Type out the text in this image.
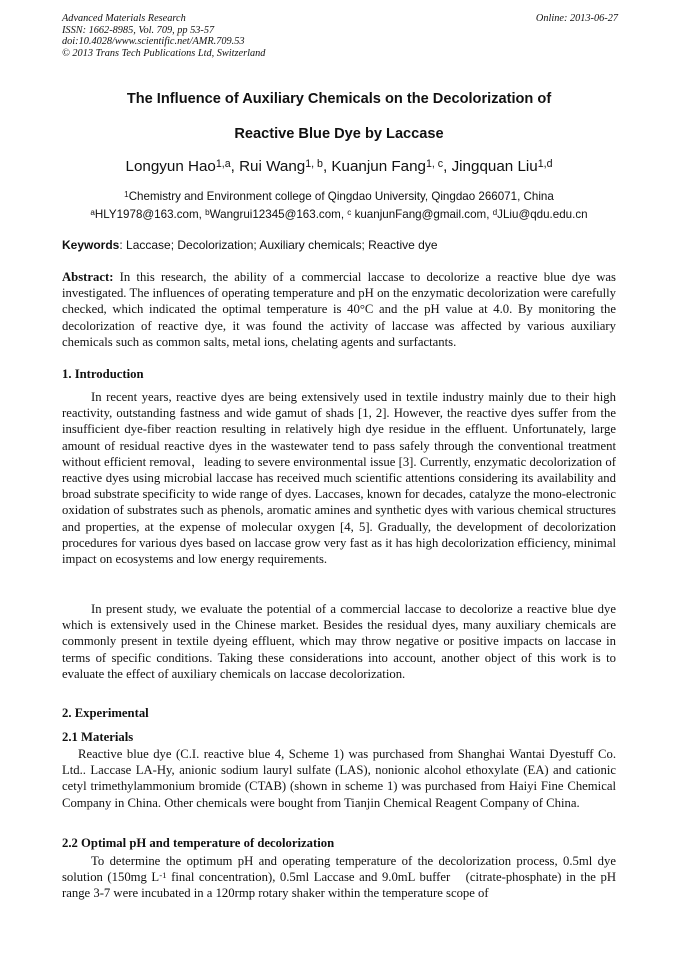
Advanced Materials Research
ISSN: 1662-8985, Vol. 709, pp 53-57
doi:10.4028/www.scientific.net/AMR.709.53
© 2013 Trans Tech Publications Ltd, Switzerland
Online: 2013-06-27
The Influence of Auxiliary Chemicals on the Decolorization of
Reactive Blue Dye by Laccase
Longyun Hao$^{1,a}$, Rui Wang$^{1, b}$, Kuanjun Fang$^{1, c}$, Jingquan Liu$^{1,d}$
$^1$Chemistry and Environment college of Qingdao University, Qingdao 266071, China
$^a$HLY1978@163.com, $^b$Wangrui12345@163.com, $^c$ kuanjunFang@gmail.com, $^d$JLiu@qdu.edu.cn
Keywords: Laccase; Decolorization; Auxiliary chemicals; Reactive dye
Abstract: In this research, the ability of a commercial laccase to decolorize a reactive blue dye was investigated. The influences of operating temperature and pH on the enzymatic decolorization were carefully checked, which indicated the optimal temperature is 40°C and the pH value at 4.0. By monitoring the decolorization of reactive dye, it was found the activity of laccase was affected by various auxiliary chemicals such as common salts, metal ions, chelating agents and surfactants.
1. Introduction
In recent years, reactive dyes are being extensively used in textile industry mainly due to their high reactivity, outstanding fastness and wide gamut of shads [1, 2]. However, the reactive dyes suffer from the insufficient dye-fiber reaction resulting in relatively high dye residue in the effluent. Unfortunately, large amount of residual reactive dyes in the wastewater tend to pass safely through the conventional treatment without efficient removal，leading to severe environmental issue [3]. Currently, enzymatic decolorization of reactive dyes using microbial laccase has received much scientific attentions considering its availability and broad substrate specificity to wide range of dyes. Laccases, known for decades, catalyze the mono-electronic oxidation of substrates such as phenols, aromatic amines and synthetic dyes with various chemical structures and properties, at the expense of molecular oxygen [4, 5]. Gradually, the development of decolorization procedures for various dyes based on laccase grow very fast as it has high decolorization efficiency, minimal impact on ecosystems and low energy requirements.
In present study, we evaluate the potential of a commercial laccase to decolorize a reactive blue dye which is extensively used in the Chinese market. Besides the residual dyes, many auxiliary chemicals are commonly present in textile dyeing effluent, which may throw negative or positive impacts on laccase in terms of specific conditions. Taking these considerations into account, another object of this work is to evaluate the effect of auxiliary chemicals on laccase decolorization.
2. Experimental
2.1 Materials
Reactive blue dye (C.I. reactive blue 4, Scheme 1) was purchased from Shanghai Wantai Dyestuff Co. Ltd.. Laccase LA-Hy, anionic sodium lauryl sulfate (LAS), nonionic alcohol ethoxylate (EA) and cationic cetyl trimethylammonium bromide (CTAB) (shown in scheme 1) was purchased from Haiyi Fine Chemical Company in China. Other chemicals were bought from Tianjin Chemical Reagent Company of China.
2.2 Optimal pH and temperature of decolorization
To determine the optimum pH and operating temperature of the decolorization process, 0.5ml dye solution (150mg $L^{-1}$ final concentration), 0.5ml Laccase and 9.0mL buffer　(citrate-phosphate) in the pH range 3-7 were incubated in a 120rmp rotary shaker within the temperature scope of
